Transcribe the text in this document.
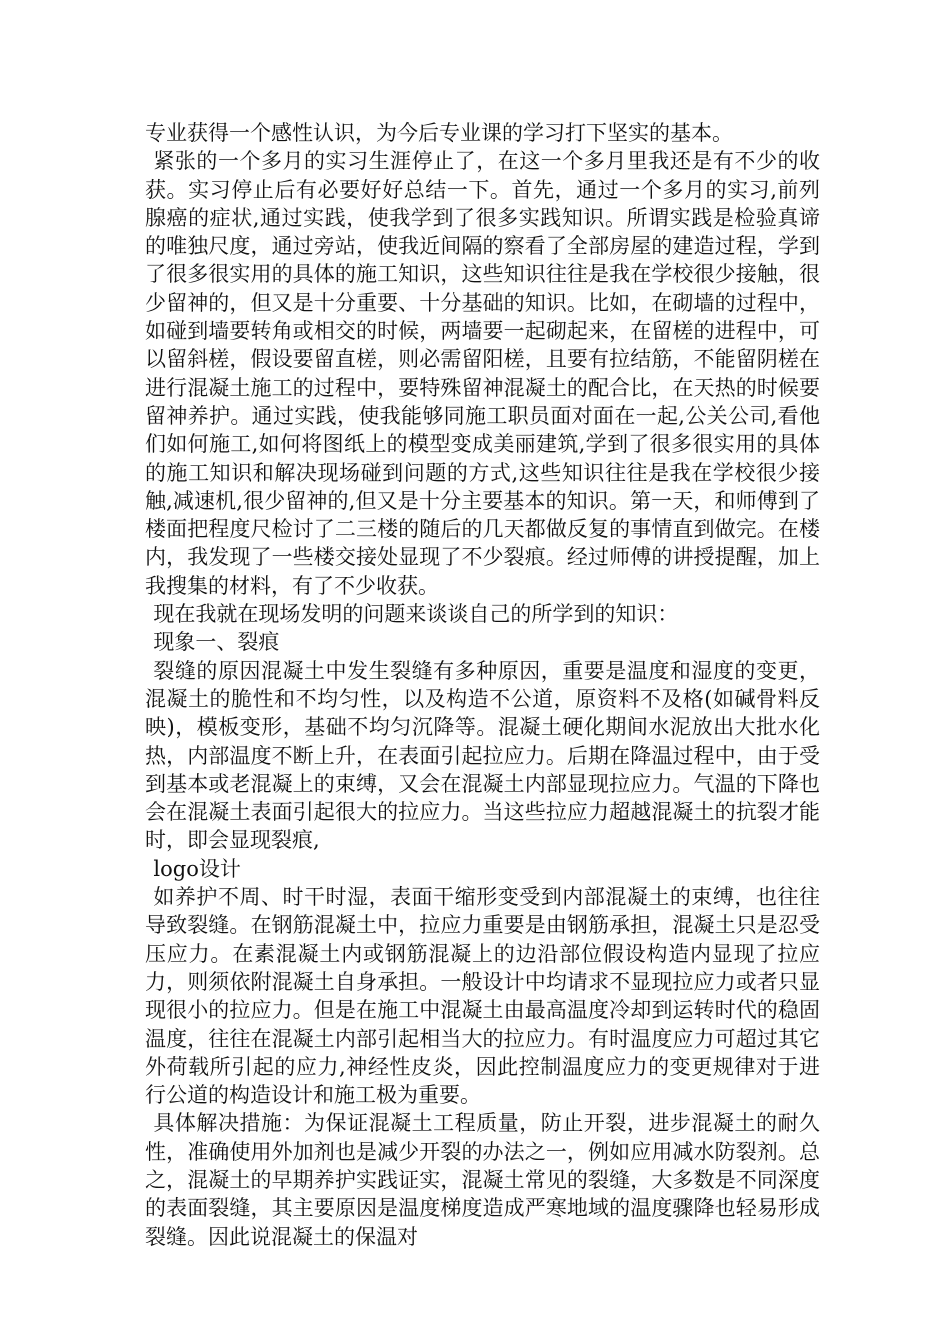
专业获得一个感性认识，为今后专业课的学习打下坚实的基本。

紧张的一个多月的实习生涯停止了，在这一个多月里我还是有不少的收获。实习停止后有必要好好总结一下。首先，通过一个多月的实习,前列腺癌的症状,通过实践，使我学到了很多实践知识。所谓实践是检验真谛的唯独尺度，通过旁站，使我近间隔的察看了全部房屋的建造过程，学到了很多很实用的具体的施工知识，这些知识往往是我在学校很少接触，很少留神的，但又是十分重要、十分基础的知识。比如，在砌墙的过程中，如碰到墙要转角或相交的时候，两墙要一起砌起来，在留槎的进程中，可以留斜槎，假设要留直槎，则必需留阳槎，且要有拉结筋，不能留阴槎在进行混凝土施工的过程中，要特殊留神混凝土的配合比，在天热的时候要留神养护。通过实践，使我能够同施工职员面对面在一起,公关公司,看他们如何施工,如何将图纸上的模型变成美丽建筑,学到了很多很实用的具体的施工知识和解决现场碰到问题的方式,这些知识往往是我在学校很少接触,减速机,很少留神的,但又是十分主要基本的知识。第一天，和师傅到了楼面把程度尺检讨了二三楼的随后的几天都做反复的事情直到做完。在楼内，我发现了一些楼交接处显现了不少裂痕。经过师傅的讲授提醒，加上我搜集的材料，有了不少收获。

现在我就在现场发明的问题来谈谈自己的所学到的知识：

现象一、裂痕

裂缝的原因混凝土中发生裂缝有多种原因，重要是温度和湿度的变更，混凝土的脆性和不均匀性，以及构造不公道，原资料不及格(如碱骨料反映)，模板变形，基础不均匀沉降等。混凝土硬化期间水泥放出大批水化热，内部温度不断上升，在表面引起拉应力。后期在降温过程中，由于受到基本或老混凝上的束缚，又会在混凝土内部显现拉应力。气温的下降也会在混凝土表面引起很大的拉应力。当这些拉应力超越混凝土的抗裂才能时，即会显现裂痕,

logo设计

如养护不周、时干时湿，表面干缩形变受到内部混凝土的束缚，也往往导致裂缝。在钢筋混凝土中，拉应力重要是由钢筋承担，混凝土只是忍受压应力。在素混凝土内或钢筋混凝上的边沿部位假设构造内显现了拉应力，则须依附混凝土自身承担。一般设计中均请求不显现拉应力或者只显现很小的拉应力。但是在施工中混凝土由最高温度冷却到运转时代的稳固温度，往往在混凝土内部引起相当大的拉应力。有时温度应力可超过其它外荷载所引起的应力,神经性皮炎，因此控制温度应力的变更规律对于进行公道的构造设计和施工极为重要。

具体解决措施：为保证混凝土工程质量，防止开裂，进步混凝土的耐久性，准确使用外加剂也是减少开裂的办法之一，例如应用减水防裂剂。总之，混凝土的早期养护实践证实，混凝土常见的裂缝，大多数是不同深度的表面裂缝，其主要原因是温度梯度造成严寒地域的温度骤降也轻易形成裂缝。因此说混凝土的保温对
